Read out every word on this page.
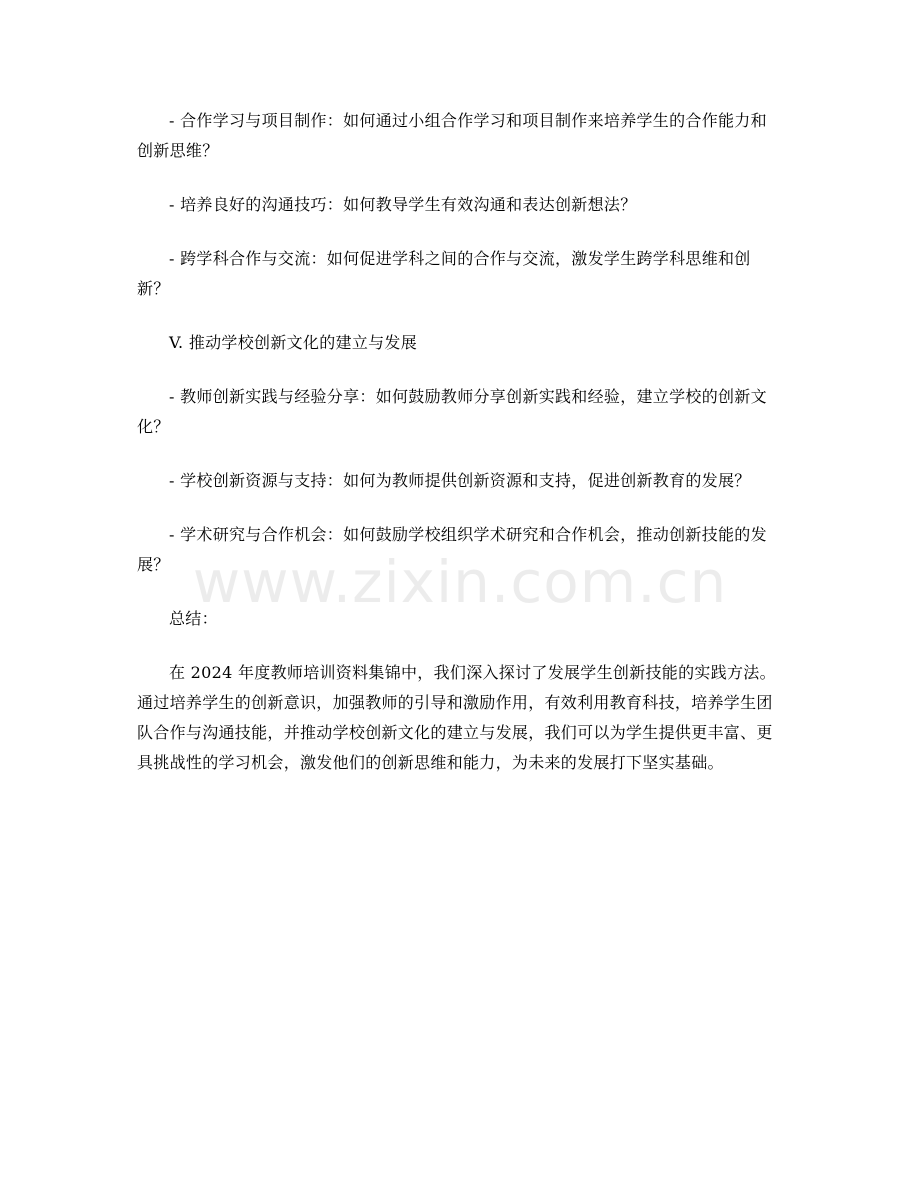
- 合作学习与项目制作：如何通过小组合作学习和项目制作来培养学生的合作能力和创新思维？

- 培养良好的沟通技巧：如何教导学生有效沟通和表达创新想法？

- 跨学科合作与交流：如何促进学科之间的合作与交流，激发学生跨学科思维和创新？

V. 推动学校创新文化的建立与发展

- 教师创新实践与经验分享：如何鼓励教师分享创新实践和经验，建立学校的创新文化？

- 学校创新资源与支持：如何为教师提供创新资源和支持，促进创新教育的发展？

- 学术研究与合作机会：如何鼓励学校组织学术研究和合作机会，推动创新技能的发展？

总结：

在 2024 年度教师培训资料集锦中，我们深入探讨了发展学生创新技能的实践方法。通过培养学生的创新意识，加强教师的引导和激励作用，有效利用教育科技，培养学生团队合作与沟通技能，并推动学校创新文化的建立与发展，我们可以为学生提供更丰富、更具挑战性的学习机会，激发他们的创新思维和能力，为未来的发展打下坚实基础。

www.zixin.com.cn
